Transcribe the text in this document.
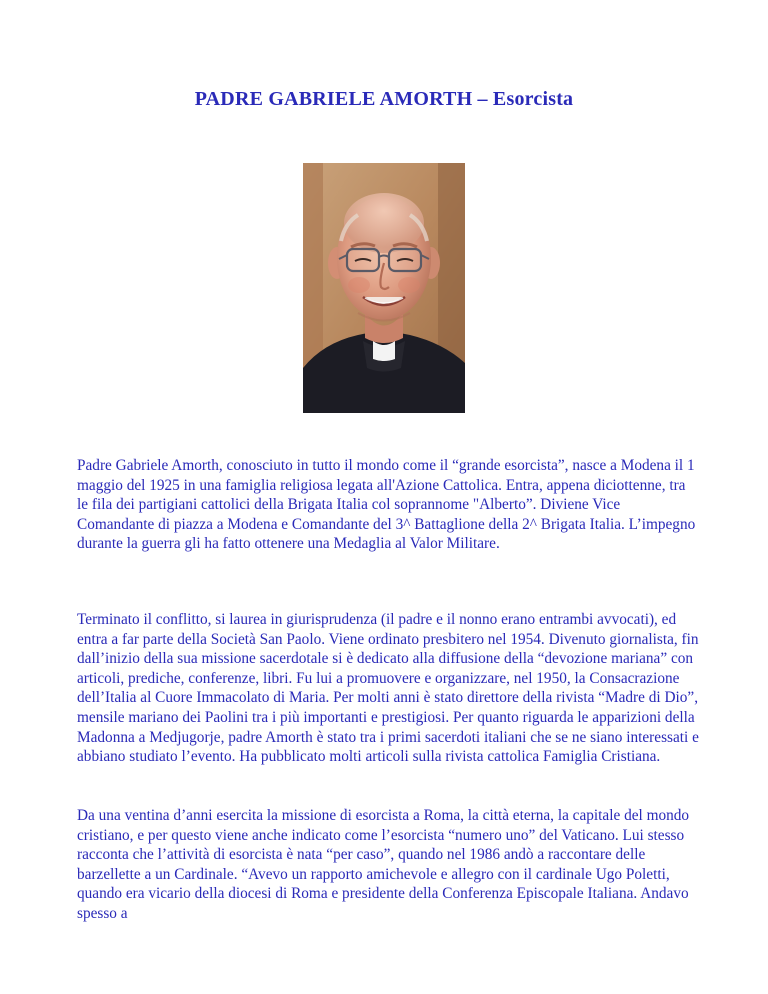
PADRE GABRIELE AMORTH – Esorcista

Padre Gabriele Amorth, conosciuto in tutto il mondo come il “grande esorcista”, nasce a Modena il 1 maggio del 1925 in una famiglia religiosa legata all'Azione Cattolica. Entra, appena diciottenne, tra le fila dei partigiani cattolici della Brigata Italia col soprannome "Alberto”. Diviene Vice Comandante di piazza a Modena e Comandante del 3^ Battaglione della 2^ Brigata Italia. L’impegno durante la guerra gli ha fatto ottenere una Medaglia al Valor Militare.

Terminato il conflitto, si laurea in giurisprudenza (il padre e il nonno erano entrambi avvocati), ed entra a far parte della Società San Paolo. Viene ordinato presbitero nel 1954. Divenuto giornalista, fin dall’inizio della sua missione sacerdotale si è dedicato alla diffusione della “devozione mariana” con articoli, prediche, conferenze, libri. Fu lui a promuovere e organizzare, nel 1950, la Consacrazione dell’Italia al Cuore Immacolato di Maria. Per molti anni è stato direttore della rivista “Madre di Dio”, mensile mariano dei Paolini tra i più importanti e prestigiosi. Per quanto riguarda le apparizioni della Madonna a Medjugorje, padre Amorth è stato tra i primi sacerdoti italiani che se ne siano interessati e abbiano studiato l’evento. Ha pubblicato molti articoli sulla rivista cattolica Famiglia Cristiana.

Da una ventina d’anni esercita la missione di esorcista a Roma, la città eterna, la capitale del mondo cristiano, e per questo viene anche indicato come l’esorcista “numero uno” del Vaticano. Lui stesso racconta che l’attività di esorcista è nata “per caso”, quando nel 1986 andò a raccontare delle barzellette a un Cardinale. “Avevo un rapporto amichevole e allegro con il cardinale Ugo Poletti, quando era vicario della diocesi di Roma e presidente della Conferenza Episcopale Italiana. Andavo spesso a
